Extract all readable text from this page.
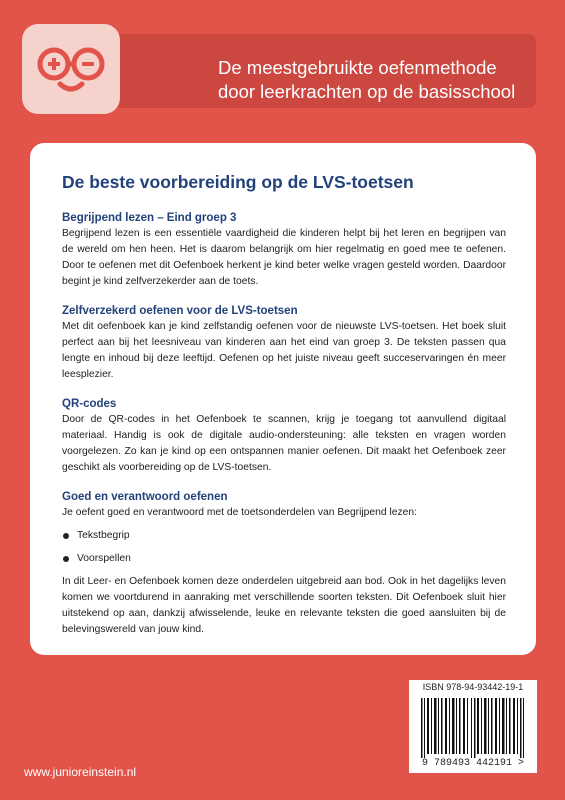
De meestgebruikte oefenmethode
door leerkrachten op de basisschool
De beste voorbereiding op de LVS-toetsen
Begrijpend lezen – Eind groep 3

Begrijpend lezen is een essentiële vaardigheid die kinderen helpt bij het leren en begrijpen van de wereld om hen heen. Het is daarom belangrijk om hier regelmatig en goed mee te oefenen. Door te oefenen met dit Oefenboek herkent je kind beter welke vragen gesteld worden. Daardoor begint je kind zelfverzekerder aan de toets.

Zelfverzekerd oefenen voor de LVS-toetsen

Met dit oefenboek kan je kind zelfstandig oefenen voor de nieuwste LVS-toetsen. Het boek sluit perfect aan bij het leesniveau van kinderen aan het eind van groep 3. De teksten passen qua lengte en inhoud bij deze leeftijd. Oefenen op het juiste niveau geeft succeservaringen én meer leesplezier.

QR-codes

Door de QR-codes in het Oefenboek te scannen, krijg je toegang tot aanvullend digitaal materiaal. Handig is ook de digitale audio-ondersteuning: alle teksten en vragen worden voorgelezen. Zo kan je kind op een ontspannen manier oefenen. Dit maakt het Oefenboek zeer geschikt als voorbereiding op de LVS-toetsen.

Goed en verantwoord oefenen

Je oefent goed en verantwoord met de toetsonderdelen van Begrijpend lezen:

Tekstbegrip
Voorspellen

In dit Leer- en Oefenboek komen deze onderdelen uitgebreid aan bod. Ook in het dagelijks leven komen we voortdurend in aanraking met verschillende soorten teksten. Dit Oefenboek sluit hier uitstekend op aan, dankzij afwisselende, leuke en relevante teksten die goed aansluiten bij de belevingswereld van jouw kind.

ISBN 978-94-93442-19-1
9 789493 442191 >
www.junioreinstein.nl
